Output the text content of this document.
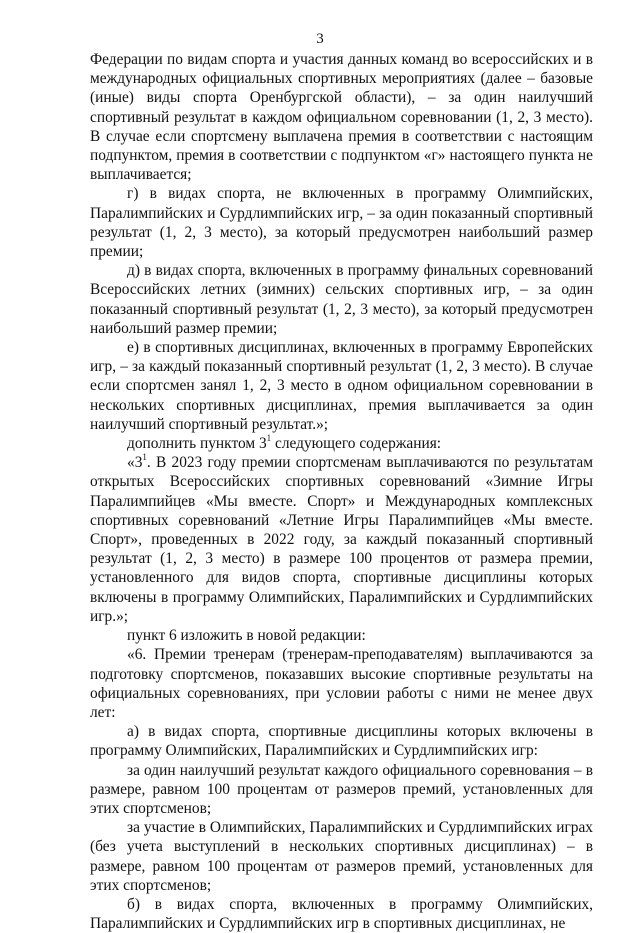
3

Федерации по видам спорта и участия данных команд во всероссийских и в международных официальных спортивных мероприятиях (далее – базовые (иные) виды спорта Оренбургской области), – за один наилучший спортивный результат в каждом официальном соревновании (1, 2, 3 место). В случае если спортсмену выплачена премия в соответствии с настоящим подпунктом, премия в соответствии с подпунктом «г» настоящего пункта не выплачивается;

г) в видах спорта, не включенных в программу Олимпийских, Паралимпийских и Сурдлимпийских игр, – за один показанный спортивный результат (1, 2, 3 место), за который предусмотрен наибольший размер премии;

д) в видах спорта, включенных в программу финальных соревнований Всероссийских летних (зимних) сельских спортивных игр, – за один показанный спортивный результат (1, 2, 3 место), за который предусмотрен наибольший размер премии;

е) в спортивных дисциплинах, включенных в программу Европейских игр, – за каждый показанный спортивный результат (1, 2, 3 место). В случае если спортсмен занял 1, 2, 3 место в одном официальном соревновании в нескольких спортивных дисциплинах, премия выплачивается за один наилучший спортивный результат.»;

дополнить пунктом $3^1$ следующего содержания:

«$3^1$. В 2023 году премии спортсменам выплачиваются по результатам открытых Всероссийских спортивных соревнований «Зимние Игры Паралимпийцев «Мы вместе. Спорт» и Международных комплексных спортивных соревнований «Летние Игры Паралимпийцев «Мы вместе. Спорт», проведенных в 2022 году, за каждый показанный спортивный результат (1, 2, 3 место) в размере 100 процентов от размера премии, установленного для видов спорта, спортивные дисциплины которых включены в программу Олимпийских, Паралимпийских и Сурдлимпийских игр.»;

пункт 6 изложить в новой редакции:

«6. Премии тренерам (тренерам-преподавателям) выплачиваются за подготовку спортсменов, показавших высокие спортивные результаты на официальных соревнованиях, при условии работы с ними не менее двух лет:

а) в видах спорта, спортивные дисциплины которых включены в программу Олимпийских, Паралимпийских и Сурдлимпийских игр:

за один наилучший результат каждого официального соревнования – в размере, равном 100 процентам от размеров премий, установленных для этих спортсменов;

за участие в Олимпийских, Паралимпийских и Сурдлимпийских играх (без учета выступлений в нескольких спортивных дисциплинах) – в размере, равном 100 процентам от размеров премий, установленных для этих спортсменов;

б) в видах спорта, включенных в программу Олимпийских, Паралимпийских и Сурдлимпийских игр в спортивных дисциплинах, не
